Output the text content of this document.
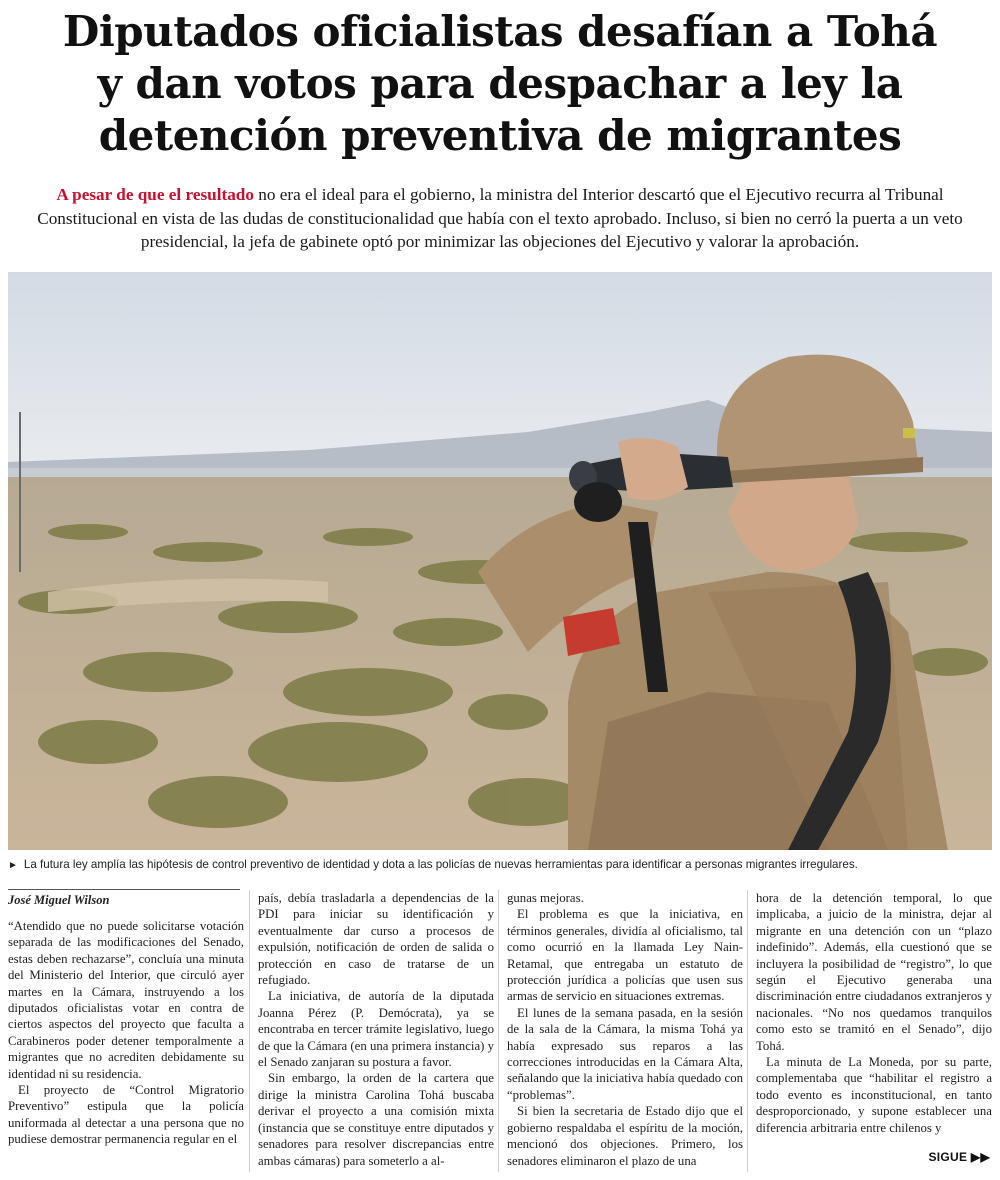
Diputados oficialistas desafían a Tohá
y dan votos para despachar a ley la
detención preventiva de migrantes
A pesar de que el resultado no era el ideal para el gobierno, la ministra del Interior descartó que el Ejecutivo recurra al Tribunal Constitucional en vista de las dudas de constitucionalidad que había con el texto aprobado. Incluso, si bien no cerró la puerta a un veto presidencial, la jefa de gabinete optó por minimizar las objeciones del Ejecutivo y valorar la aprobación.
► La futura ley amplía las hipótesis de control preventivo de identidad y dota a las policías de nuevas herramientas para identificar a personas migrantes irregulares.
José Miguel Wilson

“Atendido que no puede solicitarse votación separada de las modificaciones del Senado, estas deben rechazarse”, concluía una minuta del Ministerio del Interior, que circuló ayer martes en la Cámara, instruyendo a los diputados oficialistas votar en contra de ciertos aspectos del proyecto que faculta a Carabineros poder detener temporalmente a migrantes que no acrediten debidamente su identidad ni su residencia.

El proyecto de “Control Migratorio Preventivo” estipula que la policía uniformada al detectar a una persona que no pudiese demostrar permanencia regular en el

país, debía trasladarla a dependencias de la PDI para iniciar su identificación y eventualmente dar curso a procesos de expulsión, notificación de orden de salida o protección en caso de tratarse de un refugiado.

La iniciativa, de autoría de la diputada Joanna Pérez (P. Demócrata), ya se encontraba en tercer trámite legislativo, luego de que la Cámara (en una primera instancia) y el Senado zanjaran su postura a favor.

Sin embargo, la orden de la cartera que dirige la ministra Carolina Tohá buscaba derivar el proyecto a una comisión mixta (instancia que se constituye entre diputados y senadores para resolver discrepancias entre ambas cámaras) para someterlo a al-

gunas mejoras.

El problema es que la iniciativa, en términos generales, dividía al oficialismo, tal como ocurrió en la llamada Ley Nain-Retamal, que entregaba un estatuto de protección jurídica a policías que usen sus armas de servicio en situaciones extremas.

El lunes de la semana pasada, en la sesión de la sala de la Cámara, la misma Tohá ya había expresado sus reparos a las correcciones introducidas en la Cámara Alta, señalando que la iniciativa había quedado con “problemas”.

Si bien la secretaria de Estado dijo que el gobierno respaldaba el espíritu de la moción, mencionó dos objeciones. Primero, los senadores eliminaron el plazo de una

hora de la detención temporal, lo que implicaba, a juicio de la ministra, dejar al migrante en una detención con un “plazo indefinido”. Además, ella cuestionó que se incluyera la posibilidad de “registro”, lo que según el Ejecutivo generaba una discriminación entre ciudadanos extranjeros y nacionales. “No nos quedamos tranquilos como esto se tramitó en el Senado”, dijo Tohá.

La minuta de La Moneda, por su parte, complementaba que “habilitar el registro a todo evento es inconstitucional, en tanto desproporcionado, y supone establecer una diferencia arbitraria entre chilenos y

SIGUE ▶▶
